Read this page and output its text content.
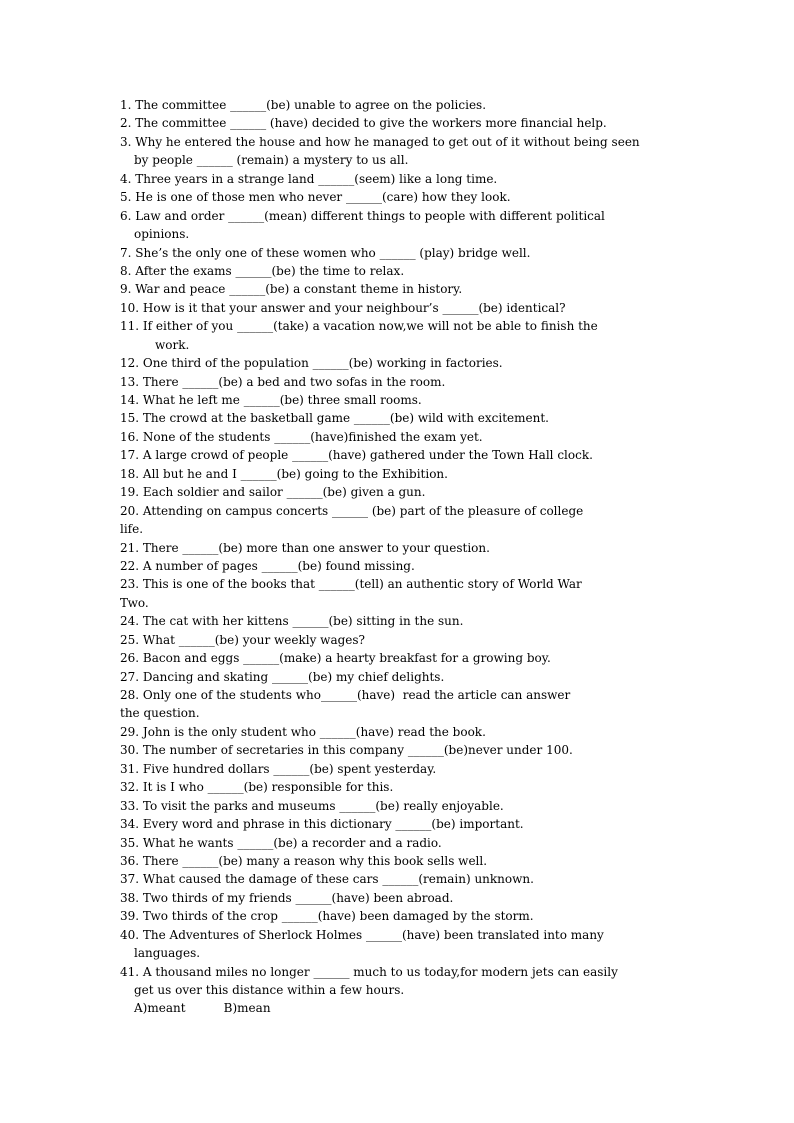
1. The committee ______(be) unable to agree on the policies.
2. The committee ______ (have) decided to give the workers more financial help.
3. Why he entered the house and how he managed to get out of it without being seen
by people ______ (remain) a mystery to us all.
4. Three years in a strange land ______(seem) like a long time.
5. He is one of those men who never ______(care) how they look.
6. Law and order ______(mean) different things to people with different political
opinions.
7. She’s the only one of these women who ______ (play) bridge well.
8. After the exams ______(be) the time to relax.
9. War and peace ______(be) a constant theme in history.
10. How is it that your answer and your neighbour’s ______(be) identical?
11. If either of you ______(take) a vacation now,we will not be able to finish the
work.
12. One third of the population ______(be) working in factories.
13. There ______(be) a bed and two sofas in the room.
14. What he left me ______(be) three small rooms.
15. The crowd at the basketball game ______(be) wild with excitement.
16. None of the students ______(have)finished the exam yet.
17. A large crowd of people ______(have) gathered under the Town Hall clock.
18. All but he and I ______(be) going to the Exhibition.
19. Each soldier and sailor ______(be) given a gun.
20. Attending on campus concerts ______ (be) part of the pleasure of college
life.
21. There ______(be) more than one answer to your question.
22. A number of pages ______(be) found missing.
23. This is one of the books that ______(tell) an authentic story of World War
Two.
24. The cat with her kittens ______(be) sitting in the sun.
25. What ______(be) your weekly wages?
26. Bacon and eggs ______(make) a hearty breakfast for a growing boy.
27. Dancing and skating ______(be) my chief delights.
28. Only one of the students who______(have)  read the article can answer
the question.
29. John is the only student who ______(have) read the book.
30. The number of secretaries in this company ______(be)never under 100.
31. Five hundred dollars ______(be) spent yesterday.
32. It is I who ______(be) responsible for this.
33. To visit the parks and museums ______(be) really enjoyable.
34. Every word and phrase in this dictionary ______(be) important.
35. What he wants ______(be) a recorder and a radio.
36. There ______(be) many a reason why this book sells well.
37. What caused the damage of these cars ______(remain) unknown.
38. Two thirds of my friends ______(have) been abroad.
39. Two thirds of the crop ______(have) been damaged by the storm.
40. The Adventures of Sherlock Holmes ______(have) been translated into many
languages.
41. A thousand miles no longer ______ much to us today,for modern jets can easily
get us over this distance within a few hours.
A)meant          B)mean
